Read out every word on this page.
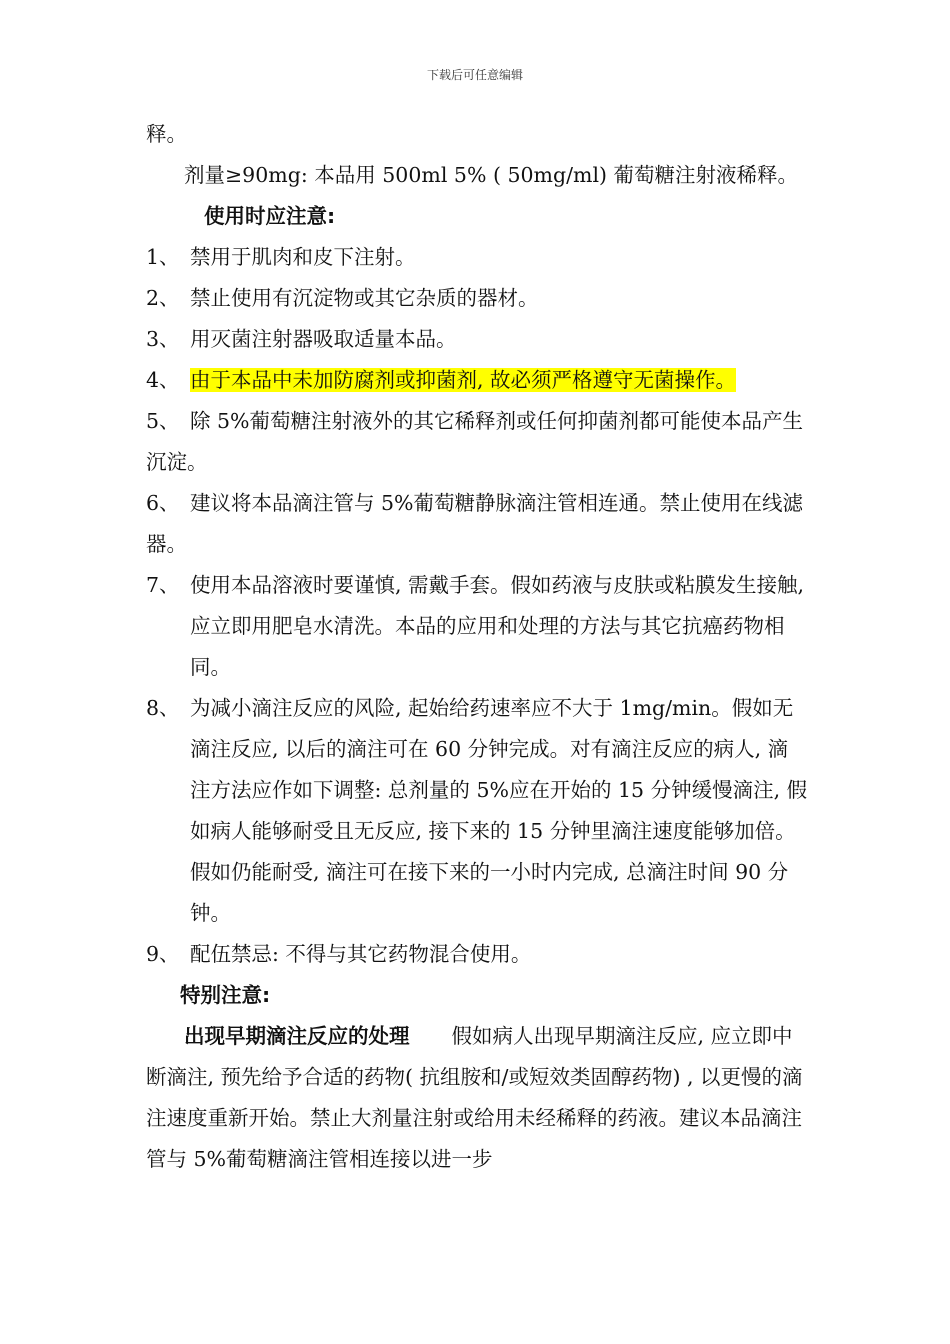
下载后可任意编辑

释。

剂量≥90mg: 本品用 500ml 5% ( 50mg/ml) 葡萄糖注射液稀释。

使用时应注意:

1、 禁用于肌肉和皮下注射。
2、 禁止使用有沉淀物或其它杂质的器材。
3、 用灭菌注射器吸取适量本品。
4、 由于本品中未加防腐剂或抑菌剂, 故必须严格遵守无菌操作。

5、 除 5%葡萄糖注射液外的其它稀释剂或任何抑菌剂都可能使本品产生沉淀。

6、 建议将本品滴注管与 5%葡萄糖静脉滴注管相连通。禁止使用在线滤器。

7、 使用本品溶液时要谨慎, 需戴手套。假如药液与皮肤或粘膜发生接触, 应立即用肥皂水清洗。本品的应用和处理的方法与其它抗癌药物相同。
8、 为减小滴注反应的风险, 起始给药速率应不大于 1mg/min。假如无滴注反应, 以后的滴注可在 60 分钟完成。对有滴注反应的病人, 滴注方法应作如下调整: 总剂量的 5%应在开始的 15 分钟缓慢滴注, 假如病人能够耐受且无反应, 接下来的 15 分钟里滴注速度能够加倍。假如仍能耐受, 滴注可在接下来的一小时内完成, 总滴注时间 90 分钟。
9、 配伍禁忌: 不得与其它药物混合使用。

特别注意:

出现早期滴注反应的处理 假如病人出现早期滴注反应, 应立即中断滴注, 预先给予合适的药物( 抗组胺和/或短效类固醇药物) , 以更慢的滴注速度重新开始。禁止大剂量注射或给用未经稀释的药液。建议本品滴注管与 5%葡萄糖滴注管相连接以进一步
